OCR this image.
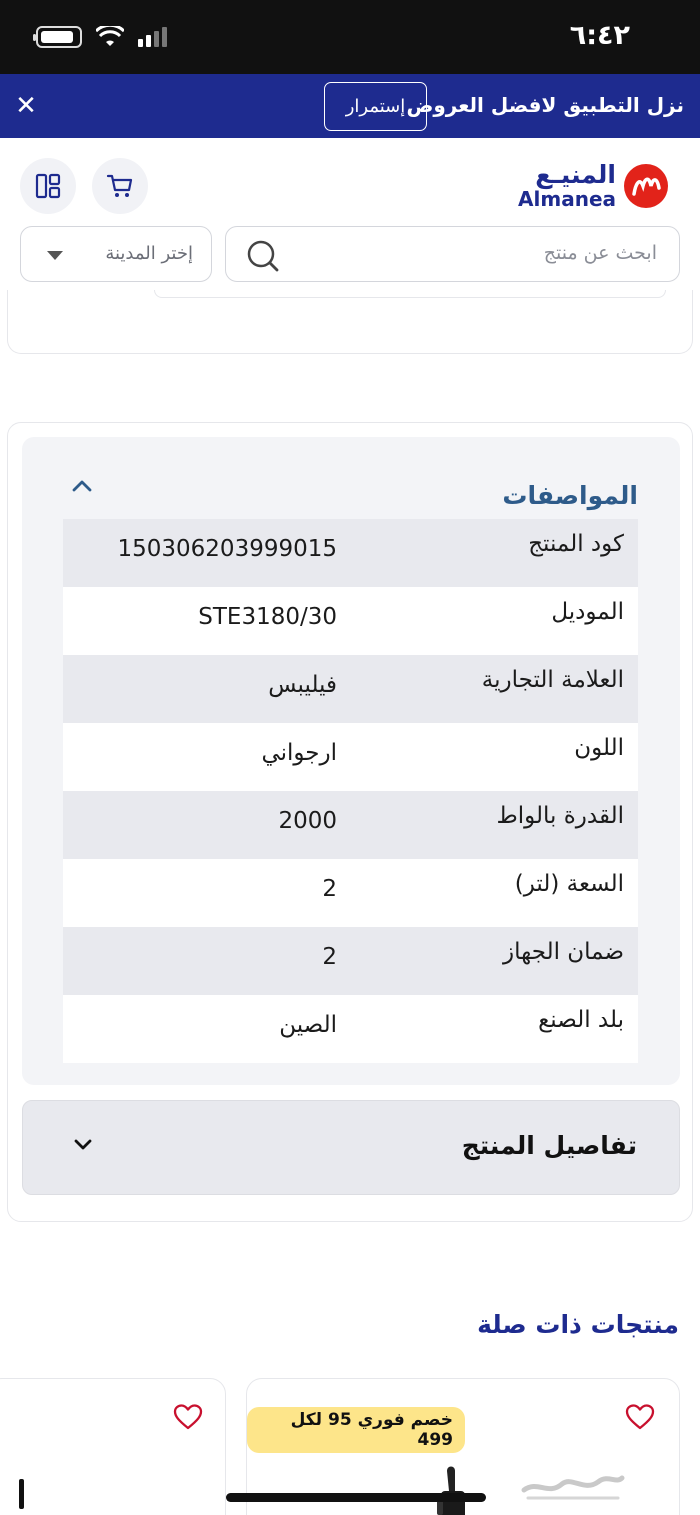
٦:٤٢
نزل التطبيق لافضل العروض
إستمرار
✕
المنيـع
Almanea
ابحث عن منتج
إختر المدينة
المواصفات
كود المنتج
150306203999015
الموديل
STE3180/30
العلامة التجارية
فيليبس
اللون
ارجواني
القدرة بالواط
2000
السعة (لتر)
2
ضمان الجهاز
2
بلد الصنع
الصين
تفاصيل المنتج
منتجات ذات صلة
خصم فوري 95 لكل 499
